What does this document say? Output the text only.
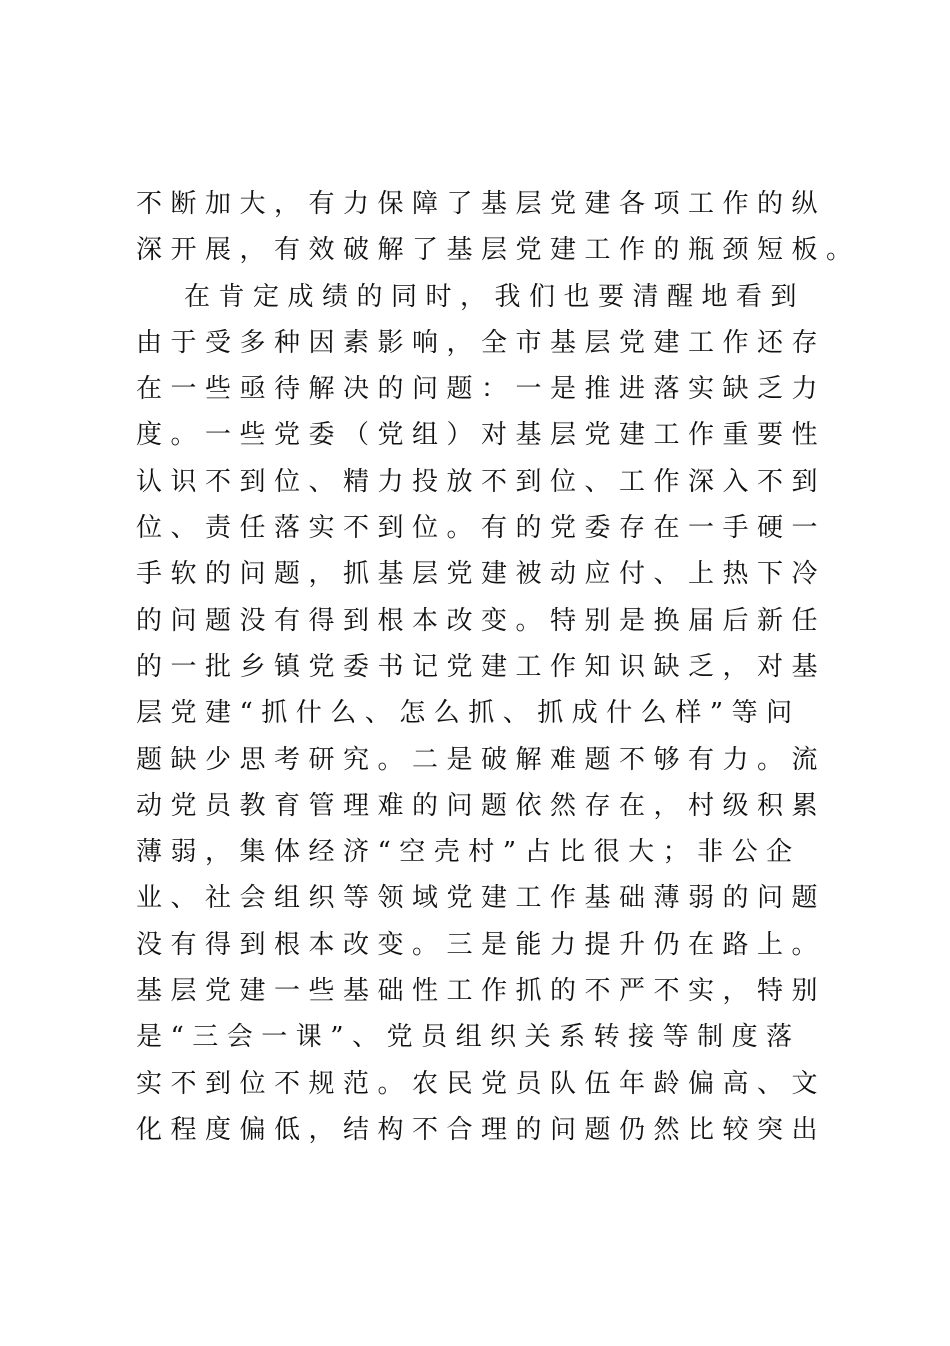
不断加大，有力保障了基层党建各项工作的纵
深开展，有效破解了基层党建工作的瓶颈短板。
在肯定成绩的同时，我们也要清醒地看到
由于受多种因素影响，全市基层党建工作还存
在一些亟待解决的问题：一是推进落实缺乏力
度。一些党委（党组）对基层党建工作重要性
认识不到位、精力投放不到位、工作深入不到
位、责任落实不到位。有的党委存在一手硬一
手软的问题，抓基层党建被动应付、上热下冷
的问题没有得到根本改变。特别是换届后新任
的一批乡镇党委书记党建工作知识缺乏，对基
层党建“抓什么、怎么抓、抓成什么样”等问
题缺少思考研究。二是破解难题不够有力。流
动党员教育管理难的问题依然存在，村级积累
薄弱，集体经济“空壳村”占比很大；非公企
业、社会组织等领域党建工作基础薄弱的问题
没有得到根本改变。三是能力提升仍在路上。
基层党建一些基础性工作抓的不严不实，特别
是“三会一课”、党员组织关系转接等制度落
实不到位不规范。农民党员队伍年龄偏高、文
化程度偏低，结构不合理的问题仍然比较突出
